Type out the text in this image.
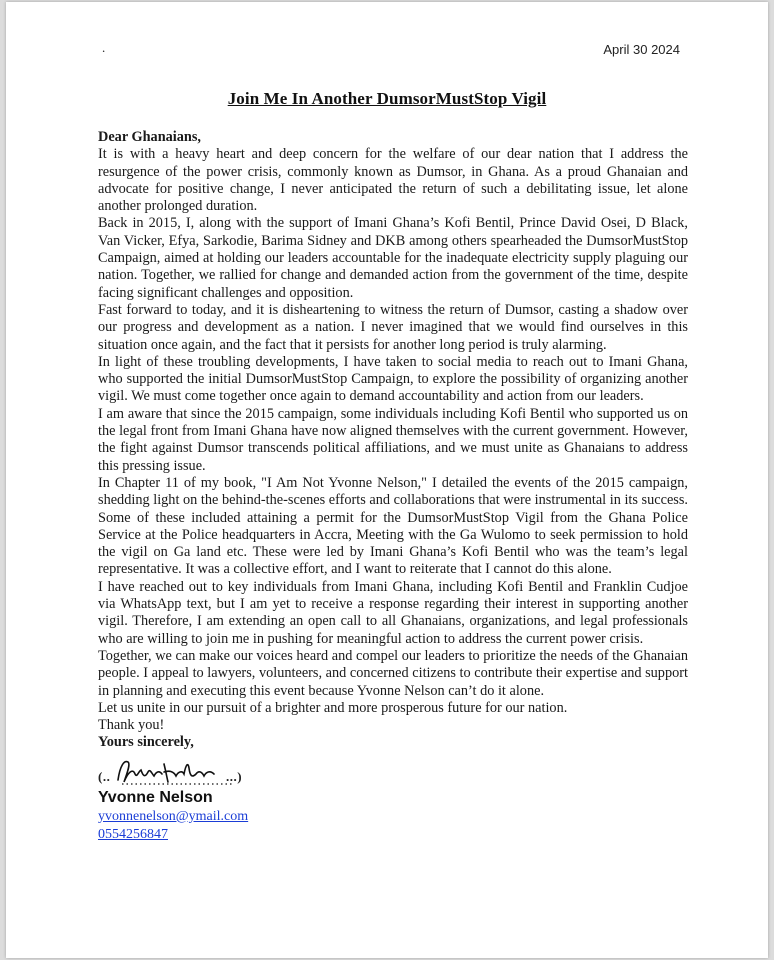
.	April 30 2024
Join Me In Another DumsorMustStop Vigil

Dear Ghanaians,

It is with a heavy heart and deep concern for the welfare of our dear nation that I address the resurgence of the power crisis, commonly known as Dumsor, in Ghana. As a proud Ghanaian and advocate for positive change, I never anticipated the return of such a debilitating issue, let alone another prolonged duration.

Back in 2015, I, along with the support of Imani Ghana’s Kofi Bentil, Prince David Osei, D Black, Van Vicker, Efya, Sarkodie, Barima Sidney and DKB among others spearheaded the DumsorMustStop Campaign, aimed at holding our leaders accountable for the inadequate electricity supply plaguing our nation. Together, we rallied for change and demanded action from the government of the time, despite facing significant challenges and opposition.

Fast forward to today, and it is disheartening to witness the return of Dumsor, casting a shadow over our progress and development as a nation. I never imagined that we would find ourselves in this situation once again, and the fact that it persists for another long period is truly alarming.

In light of these troubling developments, I have taken to social media to reach out to Imani Ghana, who supported the initial DumsorMustStop Campaign, to explore the possibility of organizing another vigil. We must come together once again to demand accountability and action from our leaders.

I am aware that since the 2015 campaign, some individuals including Kofi Bentil who supported us on the legal front from Imani Ghana have now aligned themselves with the current government. However, the fight against Dumsor transcends political affiliations, and we must unite as Ghanaians to address this pressing issue.

In Chapter 11 of my book, "I Am Not Yvonne Nelson," I detailed the events of the 2015 campaign, shedding light on the behind-the-scenes efforts and collaborations that were instrumental in its success. Some of these included attaining a permit for the DumsorMustStop Vigil from the Ghana Police Service at the Police headquarters in Accra, Meeting with the Ga Wulomo to seek permission to hold the vigil on Ga land etc. These were led by Imani Ghana’s Kofi Bentil who was the team’s legal representative. It was a collective effort, and I want to reiterate that I cannot do this alone.

I have reached out to key individuals from Imani Ghana, including Kofi Bentil and Franklin Cudjoe via WhatsApp text, but I am yet to receive a response regarding their interest in supporting another vigil. Therefore, I am extending an open call to all Ghanaians, organizations, and legal professionals who are willing to join me in pushing for meaningful action to address the current power crisis.

Together, we can make our voices heard and compel our leaders to prioritize the needs of the Ghanaian people. I appeal to lawyers, volunteers, and concerned citizens to contribute their expertise and support in planning and executing this event because Yvonne Nelson can’t do it alone.

Let us unite in our pursuit of a brighter and more prosperous future for our nation.

Thank you!

Yours sincerely,

(..	...)
Yvonne Nelson
yvonnenelson@ymail.com
0554256847
